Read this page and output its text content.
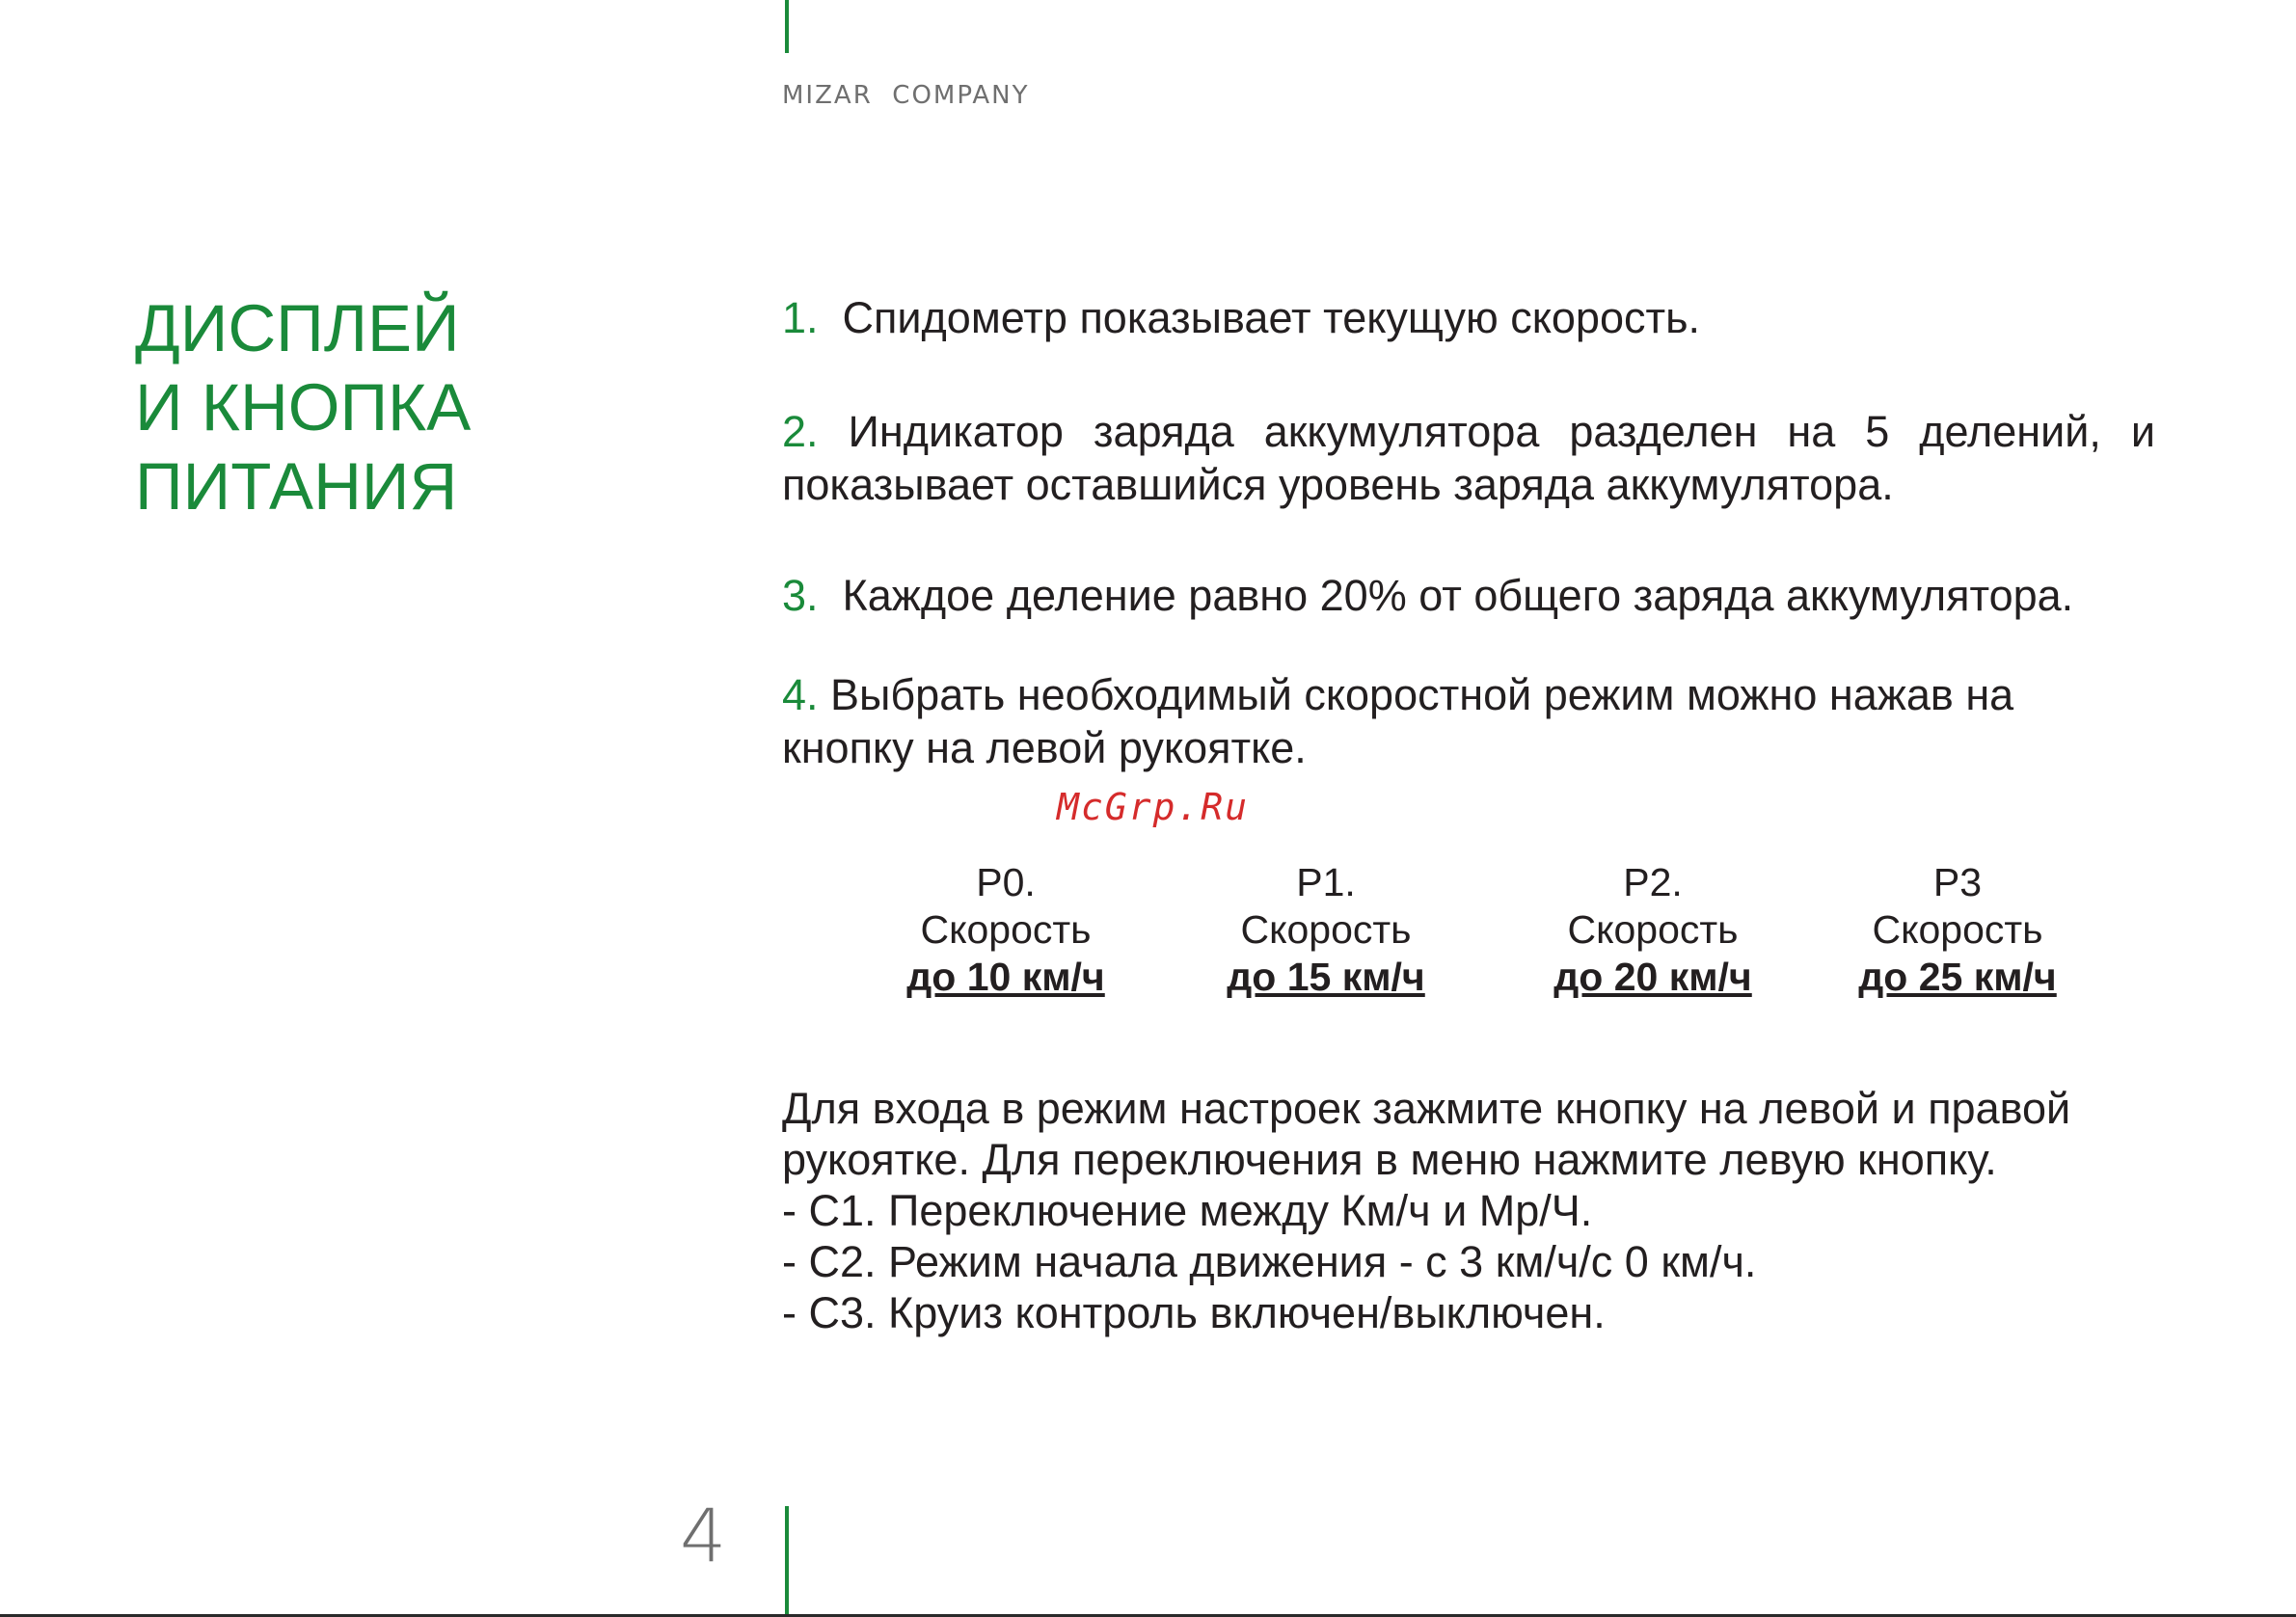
MIZAR  COMPANY
ДИСПЛЕЙ
И КНОПКА
ПИТАНИЯ

1. Спидометр показывает текущую скорость.

2. Индикатор заряда аккумулятора разделен на 5 делений, и показывает оставшийся уровень заряда аккумулятора.

3. Каждое деление равно 20% от общего заряда аккумулятора.

4. Выбрать необходимый скоростной режим можно нажав на кнопку на левой рукоятке.

McGrp.Ru
P0.
Скорость
до 10 км/ч
P1.
Скорость
до 15 км/ч
P2.
Скорость
до 20 км/ч
P3
Скорость
до 25 км/ч
Для входа в режим настроек зажмите кнопку на левой и правой
рукоятке. Для переключения в меню нажмите левую кнопку.
- С1. Переключение между Км/ч и Мр/Ч.
- С2. Режим начала движения - с 3 км/ч/с 0 км/ч.
- С3. Круиз контроль включен/выключен.
4
